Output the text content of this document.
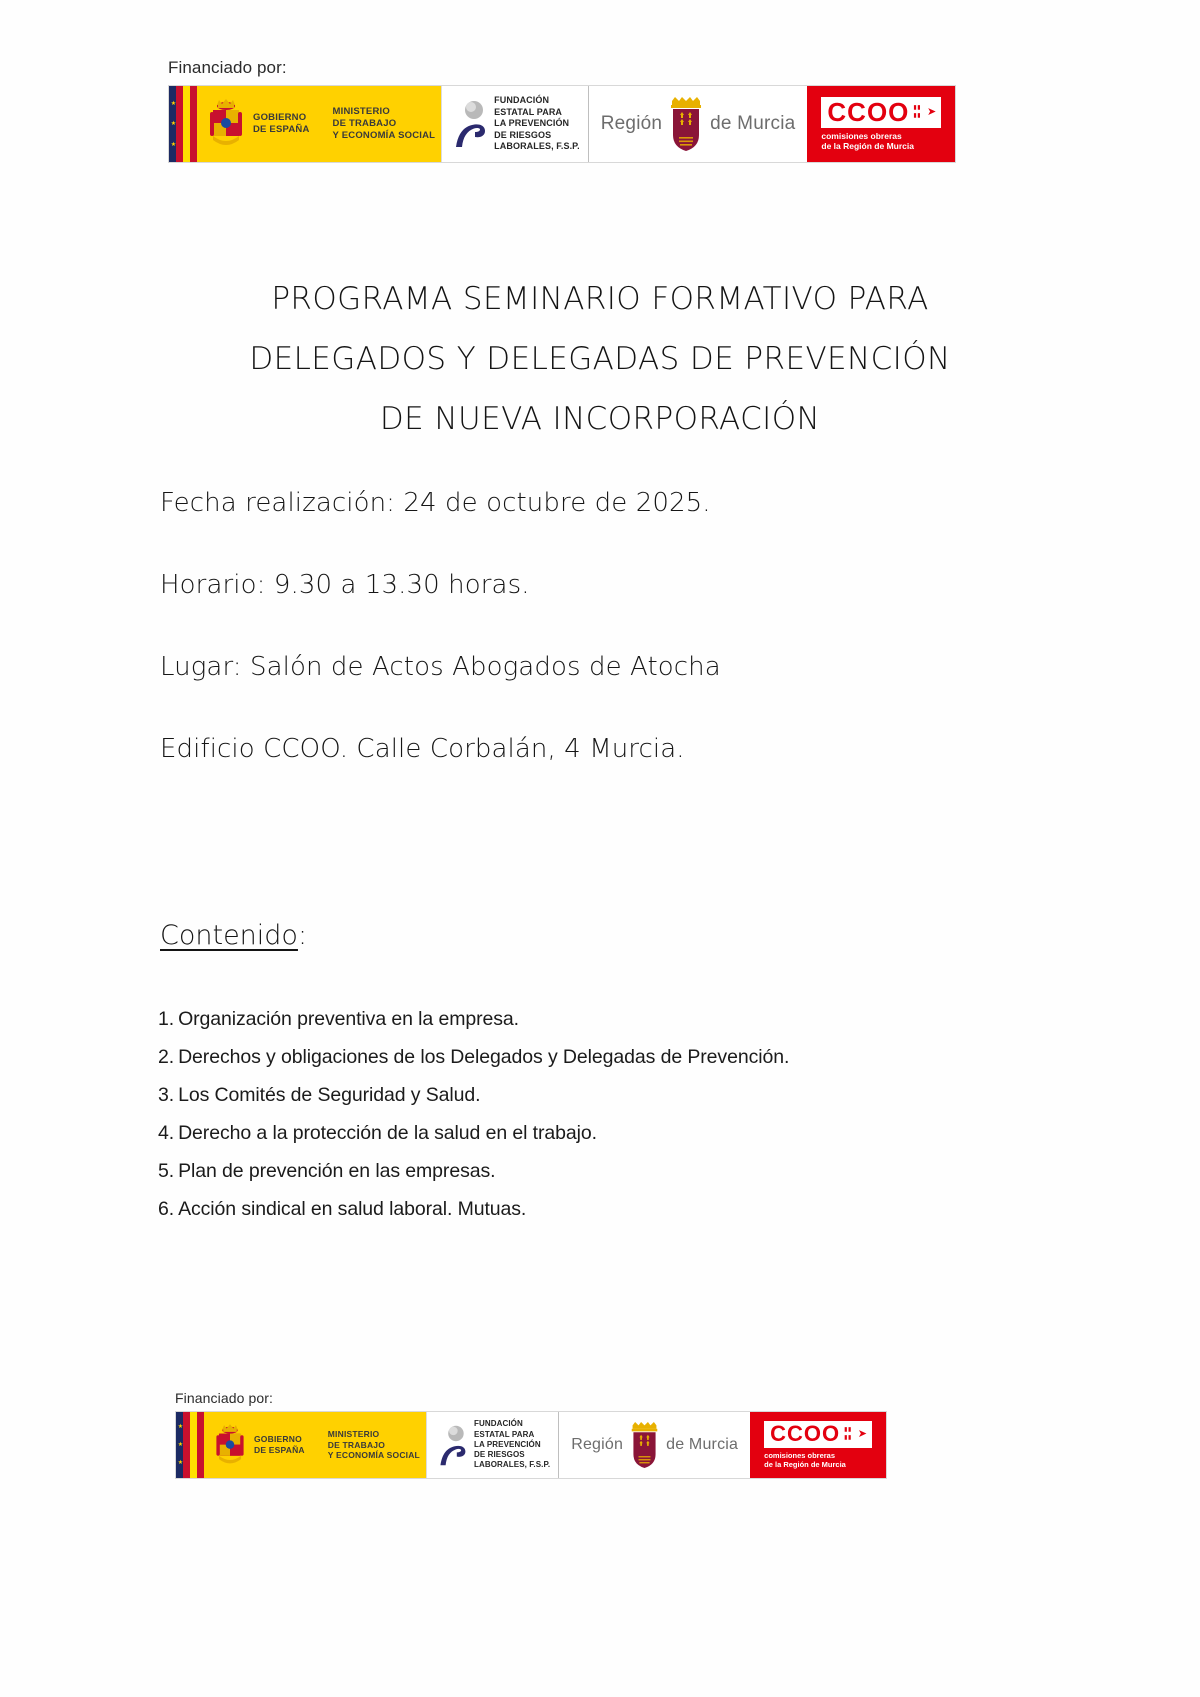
Financiado por:
★
★
★
GOBIERNO
DE ESPAÑA
MINISTERIO
DE TRABAJO
Y ECONOMÍA SOCIAL
FUNDACIÓN
ESTATAL PARA
LA PREVENCIÓN
DE RIESGOS
LABORALES, F.S.P.
Región	de Murcia CCOO ▮▮
▮▮ ➤
comisiones obreras
de la Región de Murcia
PROGRAMA SEMINARIO FORMATIVO PARA
DELEGADOS Y DELEGADAS DE PREVENCIÓN
DE NUEVA INCORPORACIÓN
Fecha realización: 24 de octubre de 2025.
Horario: 9.30 a 13.30 horas.
Lugar: Salón de Actos Abogados de Atocha
Edificio CCOO. Calle Corbalán, 4 Murcia.
Contenido:
1. Organización preventiva en la empresa.
2. Derechos y obligaciones de los Delegados y Delegadas de Prevención.
3. Los Comités de Seguridad y Salud.
4. Derecho a la protección de la salud en el trabajo.
5. Plan de prevención en las empresas.
6. Acción sindical en salud laboral. Mutuas.
Financiado por:
★
★
★
GOBIERNO
DE ESPAÑA
MINISTERIO
DE TRABAJO
Y ECONOMÍA SOCIAL
FUNDACIÓN
ESTATAL PARA
LA PREVENCIÓN
DE RIESGOS
LABORALES, F.S.P.
Región	de Murcia CCOO ▮▮
▮▮ ➤
comisiones obreras
de la Región de Murcia
